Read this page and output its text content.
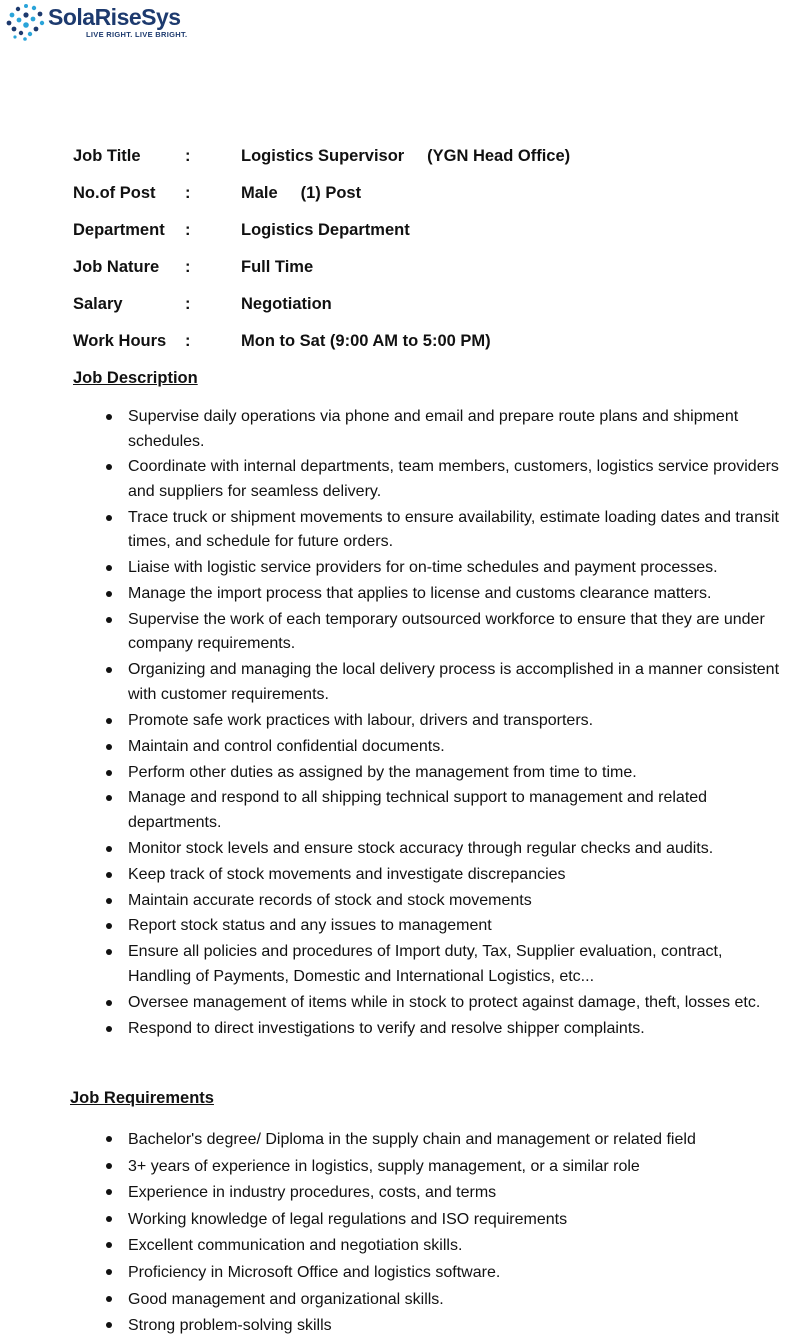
SolaRiseSys
LIVE RIGHT. LIVE BRIGHT.
Job Title	:	Logistics Supervisor     (YGN Head Office)
No.of Post	:	Male     (1) Post
Department	:	Logistics Department
Job Nature	:	Full Time
Salary	:	Negotiation
Work Hours	:	Mon to Sat (9:00 AM to 5:00 PM)
Job Description
Supervise daily operations via phone and email and prepare route plans and shipment schedules.
Coordinate with internal departments, team members, customers, logistics service providers and suppliers for seamless delivery.
Trace truck or shipment movements to ensure availability, estimate loading dates and transit times, and schedule for future orders.
Liaise with logistic service providers for on-time schedules and payment processes.
Manage the import process that applies to license and customs clearance matters.
Supervise the work of each temporary outsourced workforce to ensure that they are under company requirements.
Organizing and managing the local delivery process is accomplished in a manner consistent with customer requirements.
Promote safe work practices with labour, drivers and transporters.
Maintain and control confidential documents.
Perform other duties as assigned by the management from time to time.
Manage and respond to all shipping technical support to management and related departments.
Monitor stock levels and ensure stock accuracy through regular checks and audits.
Keep track of stock movements and investigate discrepancies
Maintain accurate records of stock and stock movements
Report stock status and any issues to management
Ensure all policies and procedures of Import duty, Tax, Supplier evaluation, contract, Handling of Payments, Domestic and International Logistics, etc...
Oversee management of items while in stock to protect against damage, theft, losses etc.
Respond to direct investigations to verify and resolve shipper complaints.
Job Requirements
Bachelor's degree/ Diploma in the supply chain and management or related field
3+ years of experience in logistics, supply management, or a similar role
Experience in industry procedures, costs, and terms
Working knowledge of legal regulations and ISO requirements
Excellent communication and negotiation skills.
Proficiency in Microsoft Office and logistics software.
Good management and organizational skills.
Strong problem-solving skills
